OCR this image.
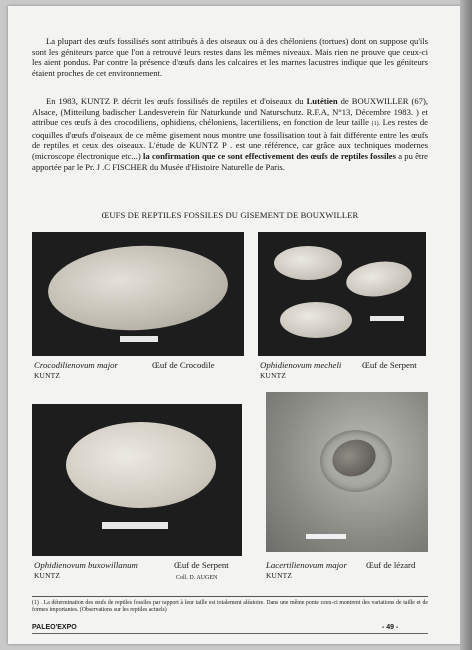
La plupart des œufs fossilisés sont attribués à des oiseaux ou à des chéloniens (tortues) dont on suppose qu'ils sont les géniteurs parce que l'on a retrouvé leurs restes dans les mêmes niveaux. Mais rien ne prouve que ceux-ci les aient pondus. Par contre la présence d'œufs dans les calcaires et les marnes lacustres indique que les géniteurs étaient proches de cet environnement.
En 1983, KUNTZ P. décrit les œufs fossilisés de reptiles et d'oiseaux du Lutétien de BOUXWILLER (67), Alsace, (Mitteilung badischer Landesverein für Naturkunde und Naturschutz. R.F.A, N°13, Décembre 1983. ) et attribue ces œufs à des crocodiliens, ophidiens, chéloniens, lacertiliens, en fonction de leur taille (1). Les restes de coquilles d'œufs d'oiseaux de ce même gisement nous montre une fossilisation tout à fait différente entre les œufs de reptiles et ceux des oiseaux. L'étude de KUNTZ P . est une référence, car grâce aux techniques modernes (microscope électronique etc...) la confirmation que ce sont effectivement des œufs de reptiles fossiles a pu être apportée par le Pr. J .C FISCHER du Musée d'Histoire Naturelle de Paris.
ŒUFS DE REPTILES FOSSILES DU GISEMENT DE BOUXWILLER
Crocodilienovum major
KUNTZ
Œuf de Crocodile	Ophidienovum mecheli
KUNTZ
Œuf de Serpent
Ophidienovum buxowillanum
KUNTZ
Œuf de Serpent	Lacertilienovum major
KUNTZ
Œuf de lézard
Coll. D. AUGEN
(1) . La détermination des œufs de reptiles fossiles par rapport à leur taille est totalement aléatoire. Dans une même ponte ceux-ci montrent des variations de taille et de formes importantes. (Observations sur les reptiles actuels)
PALEO'EXPO	- 49 -
